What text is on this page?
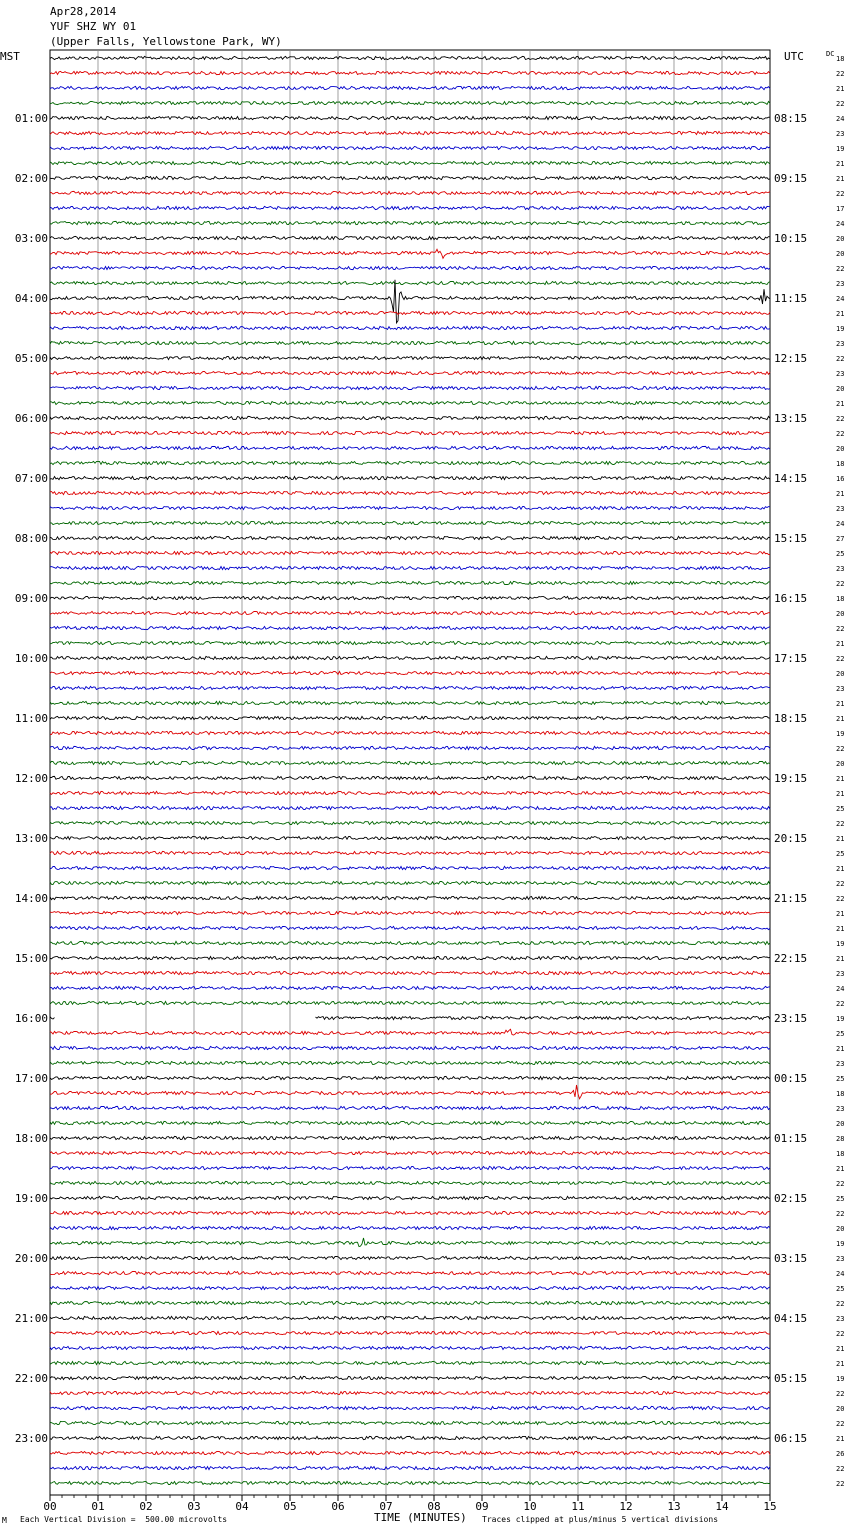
Apr28,2014
YUF SHZ WY 01
(Upper Falls, Yellowstone Park, WY)
MST	UTC	DC
18
22
21
22
24
23
19
21
21
22
17
24
20
20
22
23
24
21
19
23
22
23
20
21
22
22
20
18
16
21
23
24
27
25
23
22
18
20
22
21
22
20
23
21
21
19
22
20
21
21
25
22
21
25
21
22
22
21
21
19
21
23
24
22
19
25
21
23
25
18
23
20
28
18
21
22
25
22
20
19
23
24
25
22
23
22
21
21
19
22
20
22
21
26
22
22
01:00	08:15
02:00	09:15
03:00	10:15
04:00	11:15
05:00	12:15
06:00	13:15
07:00	14:15
08:00	15:15
09:00	16:15
10:00	17:15
11:00	18:15
12:00	19:15
13:00	20:15
14:00	21:15
15:00	22:15
16:00	23:15
17:00	00:15
18:00	01:15
19:00	02:15
20:00	03:15
21:00	04:15
22:00	05:15
23:00	06:15
00	01	02	03	04	05	06	07	08	09	10	11	12	13	14	15
M Each Vertical Division =  500.00 microvolts	TIME (MINUTES) Traces clipped at plus/minus 5 vertical divisions
